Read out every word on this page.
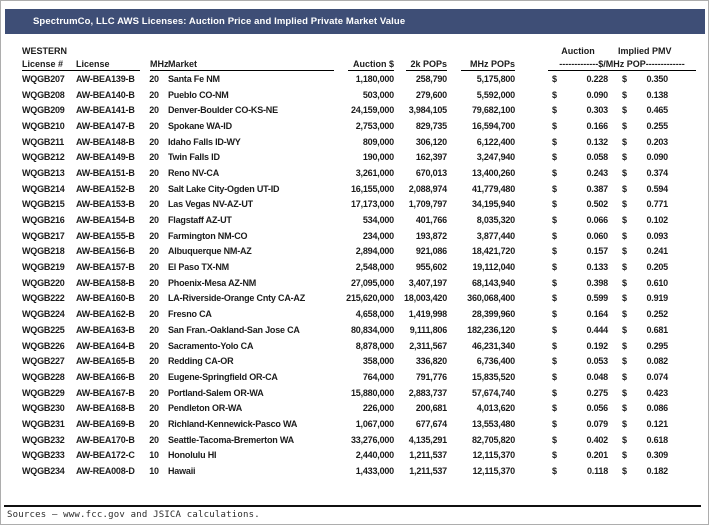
SpectrumCo, LLC AWS Licenses: Auction Price and Implied Private Market Value
WESTERN	Auction	Implied PMV
License #	License	MHz Market	Auction $	2k POPs	MHz POPs	-------------$/MHz POP-------------
WQGB207	AW-BEA139-B	20	Santa Fe NM	1,180,000	258,790	5,175,800	$	0.228	$	0.350
WQGB208	AW-BEA140-B	20	Pueblo CO-NM	503,000	279,600	5,592,000	$	0.090	$	0.138
WQGB209	AW-BEA141-B	20	Denver-Boulder CO-KS-NE	24,159,000	3,984,105	79,682,100	$	0.303	$	0.465
WQGB210	AW-BEA147-B	20	Spokane WA-ID	2,753,000	829,735	16,594,700	$	0.166	$	0.255
WQGB211	AW-BEA148-B	20	Idaho Falls ID-WY	809,000	306,120	6,122,400	$	0.132	$	0.203
WQGB212	AW-BEA149-B	20	Twin Falls ID	190,000	162,397	3,247,940	$	0.058	$	0.090
WQGB213	AW-BEA151-B	20	Reno NV-CA	3,261,000	670,013	13,400,260	$	0.243	$	0.374
WQGB214	AW-BEA152-B	20	Salt Lake City-Ogden UT-ID	16,155,000	2,088,974	41,779,480	$	0.387	$	0.594
WQGB215	AW-BEA153-B	20	Las Vegas NV-AZ-UT	17,173,000	1,709,797	34,195,940	$	0.502	$	0.771
WQGB216	AW-BEA154-B	20	Flagstaff AZ-UT	534,000	401,766	8,035,320	$	0.066	$	0.102
WQGB217	AW-BEA155-B	20	Farmington NM-CO	234,000	193,872	3,877,440	$	0.060	$	0.093
WQGB218	AW-BEA156-B	20	Albuquerque NM-AZ	2,894,000	921,086	18,421,720	$	0.157	$	0.241
WQGB219	AW-BEA157-B	20	El Paso TX-NM	2,548,000	955,602	19,112,040	$	0.133	$	0.205
WQGB220	AW-BEA158-B	20	Phoenix-Mesa AZ-NM	27,095,000	3,407,197	68,143,940	$	0.398	$	0.610
WQGB222	AW-BEA160-B	20	LA-Riverside-Orange Cnty CA-AZ	215,620,000	18,003,420	360,068,400	$	0.599	$	0.919
WQGB224	AW-BEA162-B	20	Fresno CA	4,658,000	1,419,998	28,399,960	$	0.164	$	0.252
WQGB225	AW-BEA163-B	20	San Fran.-Oakland-San Jose CA	80,834,000	9,111,806	182,236,120	$	0.444	$	0.681
WQGB226	AW-BEA164-B	20	Sacramento-Yolo CA	8,878,000	2,311,567	46,231,340	$	0.192	$	0.295
WQGB227	AW-BEA165-B	20	Redding CA-OR	358,000	336,820	6,736,400	$	0.053	$	0.082
WQGB228	AW-BEA166-B	20	Eugene-Springfield OR-CA	764,000	791,776	15,835,520	$	0.048	$	0.074
WQGB229	AW-BEA167-B	20	Portland-Salem OR-WA	15,880,000	2,883,737	57,674,740	$	0.275	$	0.423
WQGB230	AW-BEA168-B	20	Pendleton OR-WA	226,000	200,681	4,013,620	$	0.056	$	0.086
WQGB231	AW-BEA169-B	20	Richland-Kennewick-Pasco WA	1,067,000	677,674	13,553,480	$	0.079	$	0.121
WQGB232	AW-BEA170-B	20	Seattle-Tacoma-Bremerton WA	33,276,000	4,135,291	82,705,820	$	0.402	$	0.618
WQGB233	AW-BEA172-C	10	Honolulu HI	2,440,000	1,211,537	12,115,370	$	0.201	$	0.309
WQGB234	AW-REA008-D	10	Hawaii	1,433,000	1,211,537	12,115,370	$	0.118	$	0.182
Sources – www.fcc.gov and JSICA calculations.
